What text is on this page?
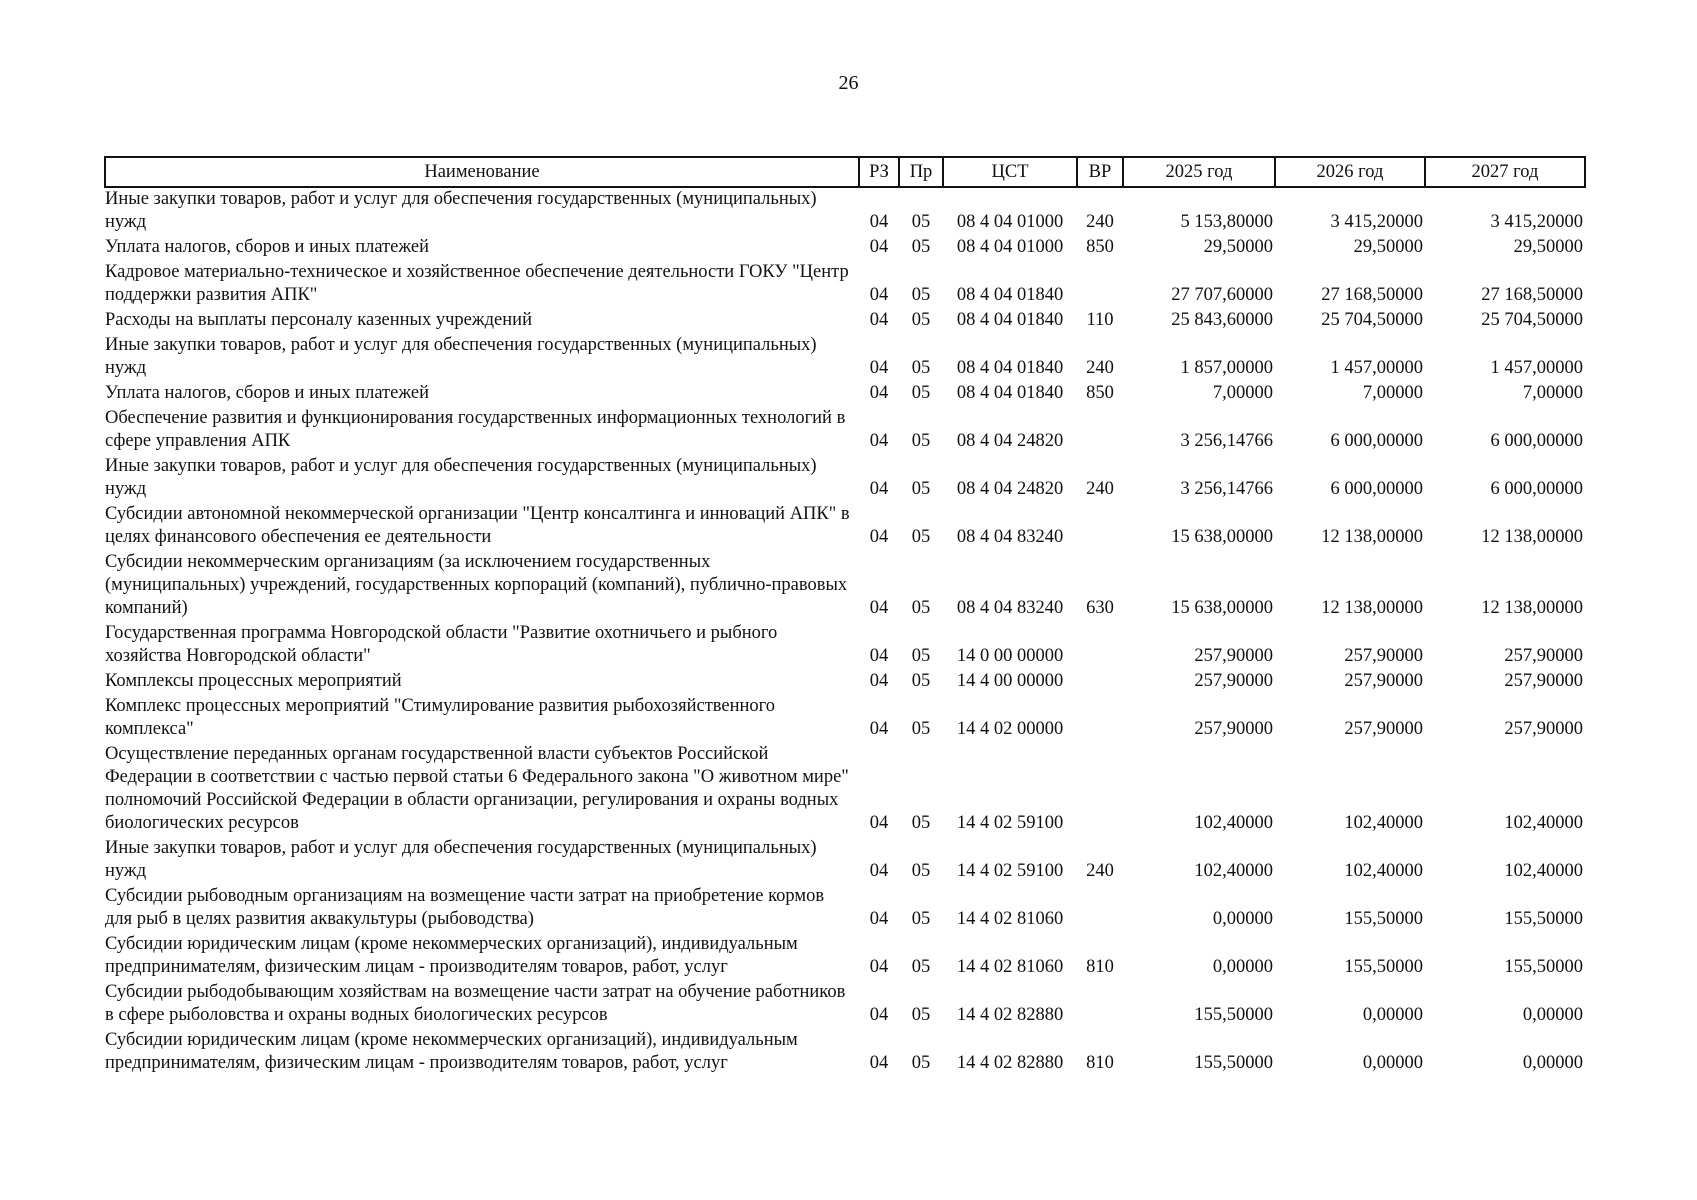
26
Наименование	РЗ	Пр	ЦСТ	ВР	2025 год	2026 год	2027 год
Иные закупки товаров, работ и услуг для обеспечения государственных (муниципальных) нужд	04	05	08 4 04 01000	240	5 153,80000	3 415,20000	3 415,20000
Уплата налогов, сборов и иных платежей	04	05	08 4 04 01000	850	29,50000	29,50000	29,50000
Кадровое материально-техническое и хозяйственное обеспечение деятельности ГОКУ "Центр поддержки развития АПК"	04	05	08 4 04 01840		27 707,60000	27 168,50000	27 168,50000
Расходы на выплаты персоналу казенных учреждений	04	05	08 4 04 01840	110	25 843,60000	25 704,50000	25 704,50000
Иные закупки товаров, работ и услуг для обеспечения государственных (муниципальных) нужд	04	05	08 4 04 01840	240	1 857,00000	1 457,00000	1 457,00000
Уплата налогов, сборов и иных платежей	04	05	08 4 04 01840	850	7,00000	7,00000	7,00000
Обеспечение развития и функционирования государственных информационных технологий в сфере управления АПК	04	05	08 4 04 24820		3 256,14766	6 000,00000	6 000,00000
Иные закупки товаров, работ и услуг для обеспечения государственных (муниципальных) нужд	04	05	08 4 04 24820	240	3 256,14766	6 000,00000	6 000,00000
Субсидии автономной некоммерческой организации "Центр консалтинга и инноваций АПК" в целях финансового обеспечения ее деятельности	04	05	08 4 04 83240		15 638,00000	12 138,00000	12 138,00000
Субсидии некоммерческим организациям (за исключением государственных (муниципальных) учреждений, государственных корпораций (компаний), публично-правовых компаний)	04	05	08 4 04 83240	630	15 638,00000	12 138,00000	12 138,00000
Государственная программа Новгородской области "Развитие охотничьего и рыбного хозяйства Новгородской области"	04	05	14 0 00 00000		257,90000	257,90000	257,90000
Комплексы процессных мероприятий	04	05	14 4 00 00000		257,90000	257,90000	257,90000
Комплекс процессных мероприятий "Стимулирование развития рыбохозяйственного комплекса"	04	05	14 4 02 00000		257,90000	257,90000	257,90000
Осуществление переданных органам государственной власти субъектов Российской Федерации в соответствии с частью первой статьи 6 Федерального закона "О животном мире" полномочий Российской Федерации в области организации, регулирования и охраны водных биологических ресурсов	04	05	14 4 02 59100		102,40000	102,40000	102,40000
Иные закупки товаров, работ и услуг для обеспечения государственных (муниципальных) нужд	04	05	14 4 02 59100	240	102,40000	102,40000	102,40000
Субсидии рыбоводным организациям на возмещение части затрат на приобретение кормов для рыб в целях развития аквакультуры (рыбоводства)	04	05	14 4 02 81060		0,00000	155,50000	155,50000
Субсидии юридическим лицам (кроме некоммерческих организаций), индивидуальным предпринимателям, физическим лицам - производителям товаров, работ, услуг	04	05	14 4 02 81060	810	0,00000	155,50000	155,50000
Субсидии рыбодобывающим хозяйствам на возмещение части затрат на обучение работников в сфере рыболовства и охраны водных биологических ресурсов	04	05	14 4 02 82880		155,50000	0,00000	0,00000
Субсидии юридическим лицам (кроме некоммерческих организаций), индивидуальным предпринимателям, физическим лицам - производителям товаров, работ, услуг	04	05	14 4 02 82880	810	155,50000	0,00000	0,00000
